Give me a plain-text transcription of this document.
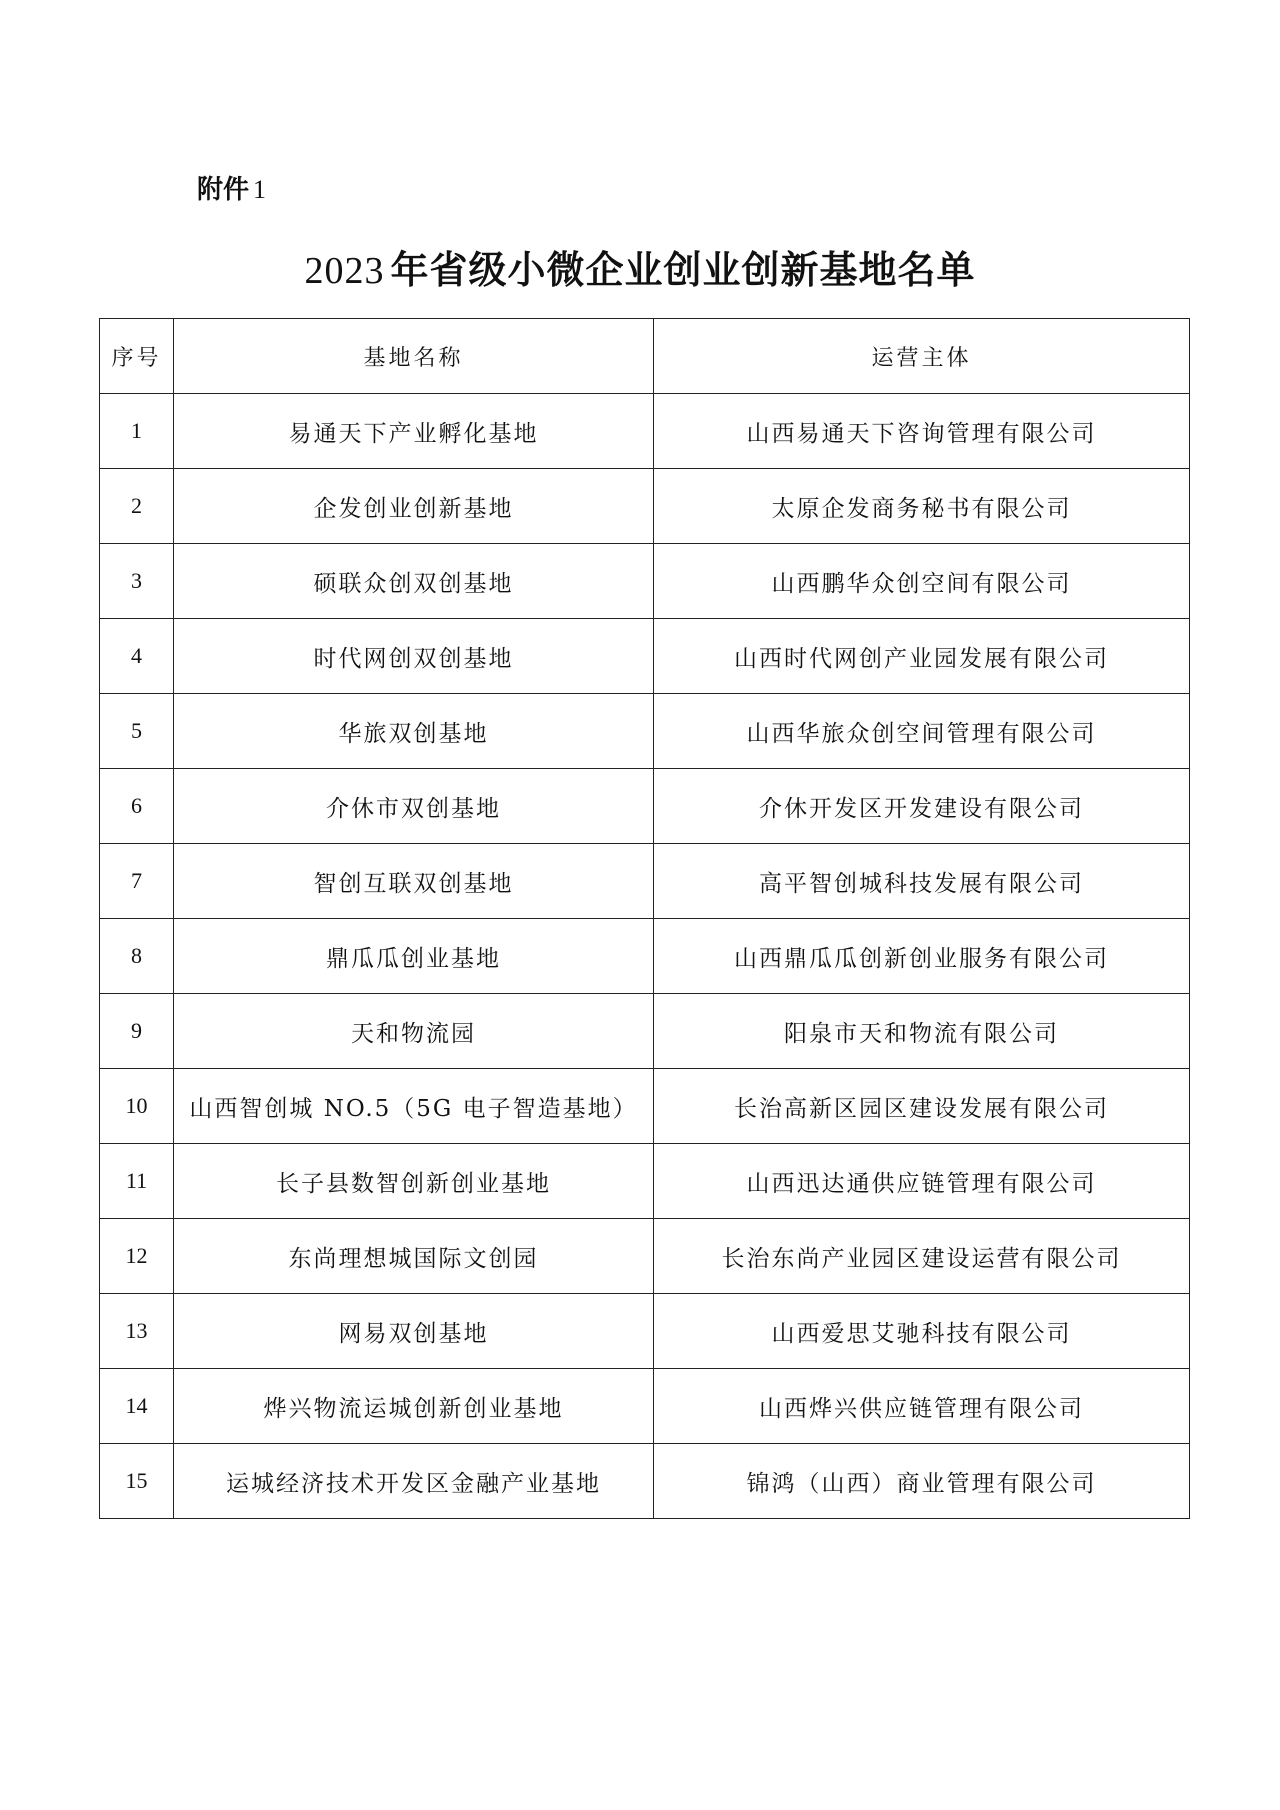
附件 1
2023 年省级小微企业创业创新基地名单
序号	基地名称	运营主体
1	易通天下产业孵化基地	山西易通天下咨询管理有限公司
2	企发创业创新基地	太原企发商务秘书有限公司
3	硕联众创双创基地	山西鹏华众创空间有限公司
4	时代网创双创基地	山西时代网创产业园发展有限公司
5	华旅双创基地	山西华旅众创空间管理有限公司
6	介休市双创基地	介休开发区开发建设有限公司
7	智创互联双创基地	高平智创城科技发展有限公司
8	鼎瓜瓜创业基地	山西鼎瓜瓜创新创业服务有限公司
9	天和物流园	阳泉市天和物流有限公司
10	山西智创城 NO.5（5G 电子智造基地）	长治高新区园区建设发展有限公司
11	长子县数智创新创业基地	山西迅达通供应链管理有限公司
12	东尚理想城国际文创园	长治东尚产业园区建设运营有限公司
13	网易双创基地	山西爱思艾驰科技有限公司
14	烨兴物流运城创新创业基地	山西烨兴供应链管理有限公司
15	运城经济技术开发区金融产业基地	锦鸿（山西）商业管理有限公司
